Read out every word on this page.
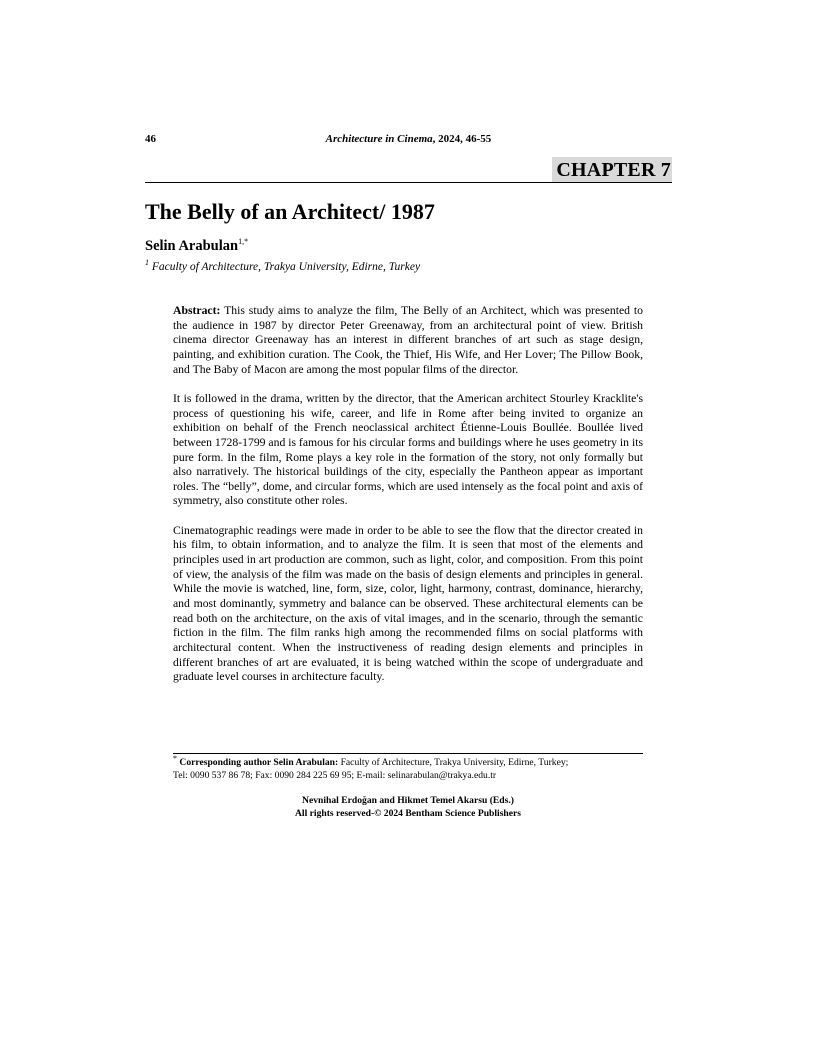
46	Architecture in Cinema, 2024, 46-55
CHAPTER 7
The Belly of an Architect/ 1987
Selin Arabulan$^{1,*}$
$^1$ Faculty of Architecture, Trakya University, Edirne, Turkey

Abstract: This study aims to analyze the film, The Belly of an Architect, which was presented to the audience in 1987 by director Peter Greenaway, from an architectural point of view. British cinema director Greenaway has an interest in different branches of art such as stage design, painting, and exhibition curation. The Cook, the Thief, His Wife, and Her Lover; The Pillow Book, and The Baby of Macon are among the most popular films of the director.

It is followed in the drama, written by the director, that the American architect Stourley Kracklite's process of questioning his wife, career, and life in Rome after being invited to organize an exhibition on behalf of the French neoclassical architect Étienne-Louis Boullée. Boullée lived between 1728-1799 and is famous for his circular forms and buildings where he uses geometry in its pure form. In the film, Rome plays a key role in the formation of the story, not only formally but also narratively. The historical buildings of the city, especially the Pantheon appear as important roles. The “belly”, dome, and circular forms, which are used intensely as the focal point and axis of symmetry, also constitute other roles.

Cinematographic readings were made in order to be able to see the flow that the director created in his film, to obtain information, and to analyze the film. It is seen that most of the elements and principles used in art production are common, such as light, color, and composition. From this point of view, the analysis of the film was made on the basis of design elements and principles in general. While the movie is watched, line, form, size, color, light, harmony, contrast, dominance, hierarchy, and most dominantly, symmetry and balance can be observed. These architectural elements can be read both on the architecture, on the axis of vital images, and in the scenario, through the semantic fiction in the film. The film ranks high among the recommended films on social platforms with architectural content. When the instructiveness of reading design elements and principles in different branches of art are evaluated, it is being watched within the scope of undergraduate and graduate level courses in architecture faculty.

* Corresponding author Selin Arabulan: Faculty of Architecture, Trakya University, Edirne, Turkey;
Tel: 0090 537 86 78; Fax: 0090 284 225 69 95; E-mail: selinarabulan@trakya.edu.tr
Nevnihal Erdoğan and Hikmet Temel Akarsu (Eds.)
All rights reserved-© 2024 Bentham Science Publishers
